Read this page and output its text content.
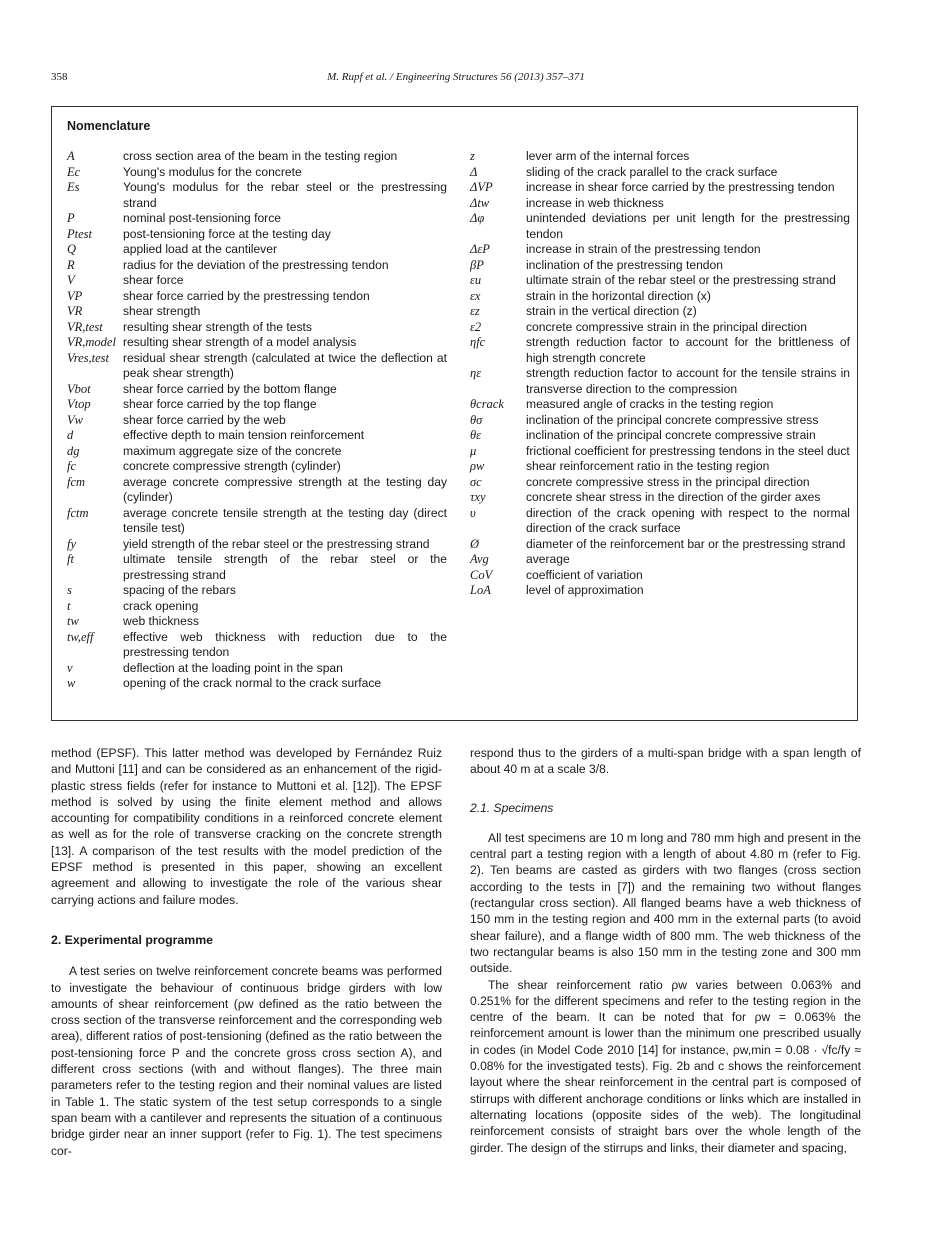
358	M. Rupf et al. / Engineering Structures 56 (2013) 357–371
Nomenclature
A	cross section area of the beam in the testing region
Ec	Young's modulus for the concrete
Es	Young's modulus for the rebar steel or the prestressing strand
P	nominal post-tensioning force
Ptest	post-tensioning force at the testing day
Q	applied load at the cantilever
R	radius for the deviation of the prestressing tendon
V	shear force
VP	shear force carried by the prestressing tendon
VR	shear strength
VR,test resulting shear strength of the tests
VR,model resulting shear strength of a model analysis
Vres,test residual shear strength (calculated at twice the deflection at peak shear strength)
Vbot	shear force carried by the bottom flange
Vtop	shear force carried by the top flange
Vw	shear force carried by the web
d	effective depth to main tension reinforcement
dg	maximum aggregate size of the concrete
fc	concrete compressive strength (cylinder)
fcm	average concrete compressive strength at the testing day (cylinder)
fctm	average concrete tensile strength at the testing day (direct tensile test)
fy	yield strength of the rebar steel or the prestressing strand
ft	ultimate tensile strength of the rebar steel or the prestressing strand
s	spacing of the rebars
t	crack opening
tw	web thickness
tw,eff effective web thickness with reduction due to the prestressing tendon
v	deflection at the loading point in the span
w	opening of the crack normal to the crack surface
z	lever arm of the internal forces
Δ	sliding of the crack parallel to the crack surface
ΔVP	increase in shear force carried by the prestressing tendon
Δtw	increase in web thickness
Δφ	unintended deviations per unit length for the prestressing tendon
ΔεP	increase in strain of the prestressing tendon
βP	inclination of the prestressing tendon
εu	ultimate strain of the rebar steel or the prestressing strand
εx	strain in the horizontal direction (x)
εz	strain in the vertical direction (z)
ε2	concrete compressive strain in the principal direction
ηfc	strength reduction factor to account for the brittleness of high strength concrete
ηε	strength reduction factor to account for the tensile strains in transverse direction to the compression
θcrack measured angle of cracks in the testing region
θσ	inclination of the principal concrete compressive stress
θε	inclination of the principal concrete compressive strain
μ	frictional coefficient for prestressing tendons in the steel duct
ρw	shear reinforcement ratio in the testing region
σc	concrete compressive stress in the principal direction
τxy	concrete shear stress in the direction of the girder axes
υ	direction of the crack opening with respect to the normal direction of the crack surface
Ø	diameter of the reinforcement bar or the prestressing strand
Avg	average
CoV	coefficient of variation
LoA	level of approximation

method (EPSF). This latter method was developed by Fernández Ruiz and Muttoni [11] and can be considered as an enhancement of the rigid-plastic stress fields (refer for instance to Muttoni et al. [12]). The EPSF method is solved by using the finite element method and allows accounting for compatibility conditions in a reinforced concrete element as well as for the role of transverse cracking on the concrete strength [13]. A comparison of the test results with the model prediction of the EPSF method is presented in this paper, showing an excellent agreement and allowing to investigate the role of the various shear carrying actions and failure modes.

2. Experimental programme

A test series on twelve reinforcement concrete beams was performed to investigate the behaviour of continuous bridge girders with low amounts of shear reinforcement (ρw defined as the ratio between the cross section of the transverse reinforcement and the corresponding web area), different ratios of post-tensioning (defined as the ratio between the post-tensioning force P and the concrete gross cross section A), and different cross sections (with and without flanges). The three main parameters refer to the testing region and their nominal values are listed in Table 1. The static system of the test setup corresponds to a single span beam with a cantilever and represents the situation of a continuous bridge girder near an inner support (refer to Fig. 1). The test specimens cor-

respond thus to the girders of a multi-span bridge with a span length of about 40 m at a scale 3/8.

2.1. Specimens

All test specimens are 10 m long and 780 mm high and present in the central part a testing region with a length of about 4.80 m (refer to Fig. 2). Ten beams are casted as girders with two flanges (cross section according to the tests in [7]) and the remaining two without flanges (rectangular cross section). All flanged beams have a web thickness of 150 mm in the testing region and 400 mm in the external parts (to avoid shear failure), and a flange width of 800 mm. The web thickness of the two rectangular beams is also 150 mm in the testing zone and 300 mm outside.

The shear reinforcement ratio ρw varies between 0.063% and 0.251% for the different specimens and refer to the testing region in the centre of the beam. It can be noted that for ρw = 0.063% the reinforcement amount is lower than the minimum one prescribed usually in codes (in Model Code 2010 [14] for instance, ρw,min = 0.08 · √fc/fy ≈ 0.08% for the investigated tests). Fig. 2b and c shows the reinforcement layout where the shear reinforcement in the central part is composed of stirrups with different anchorage conditions or links which are installed in alternating locations (opposite sides of the web). The longitudinal reinforcement consists of straight bars over the whole length of the girder. The design of the stirrups and links, their diameter and spacing,
